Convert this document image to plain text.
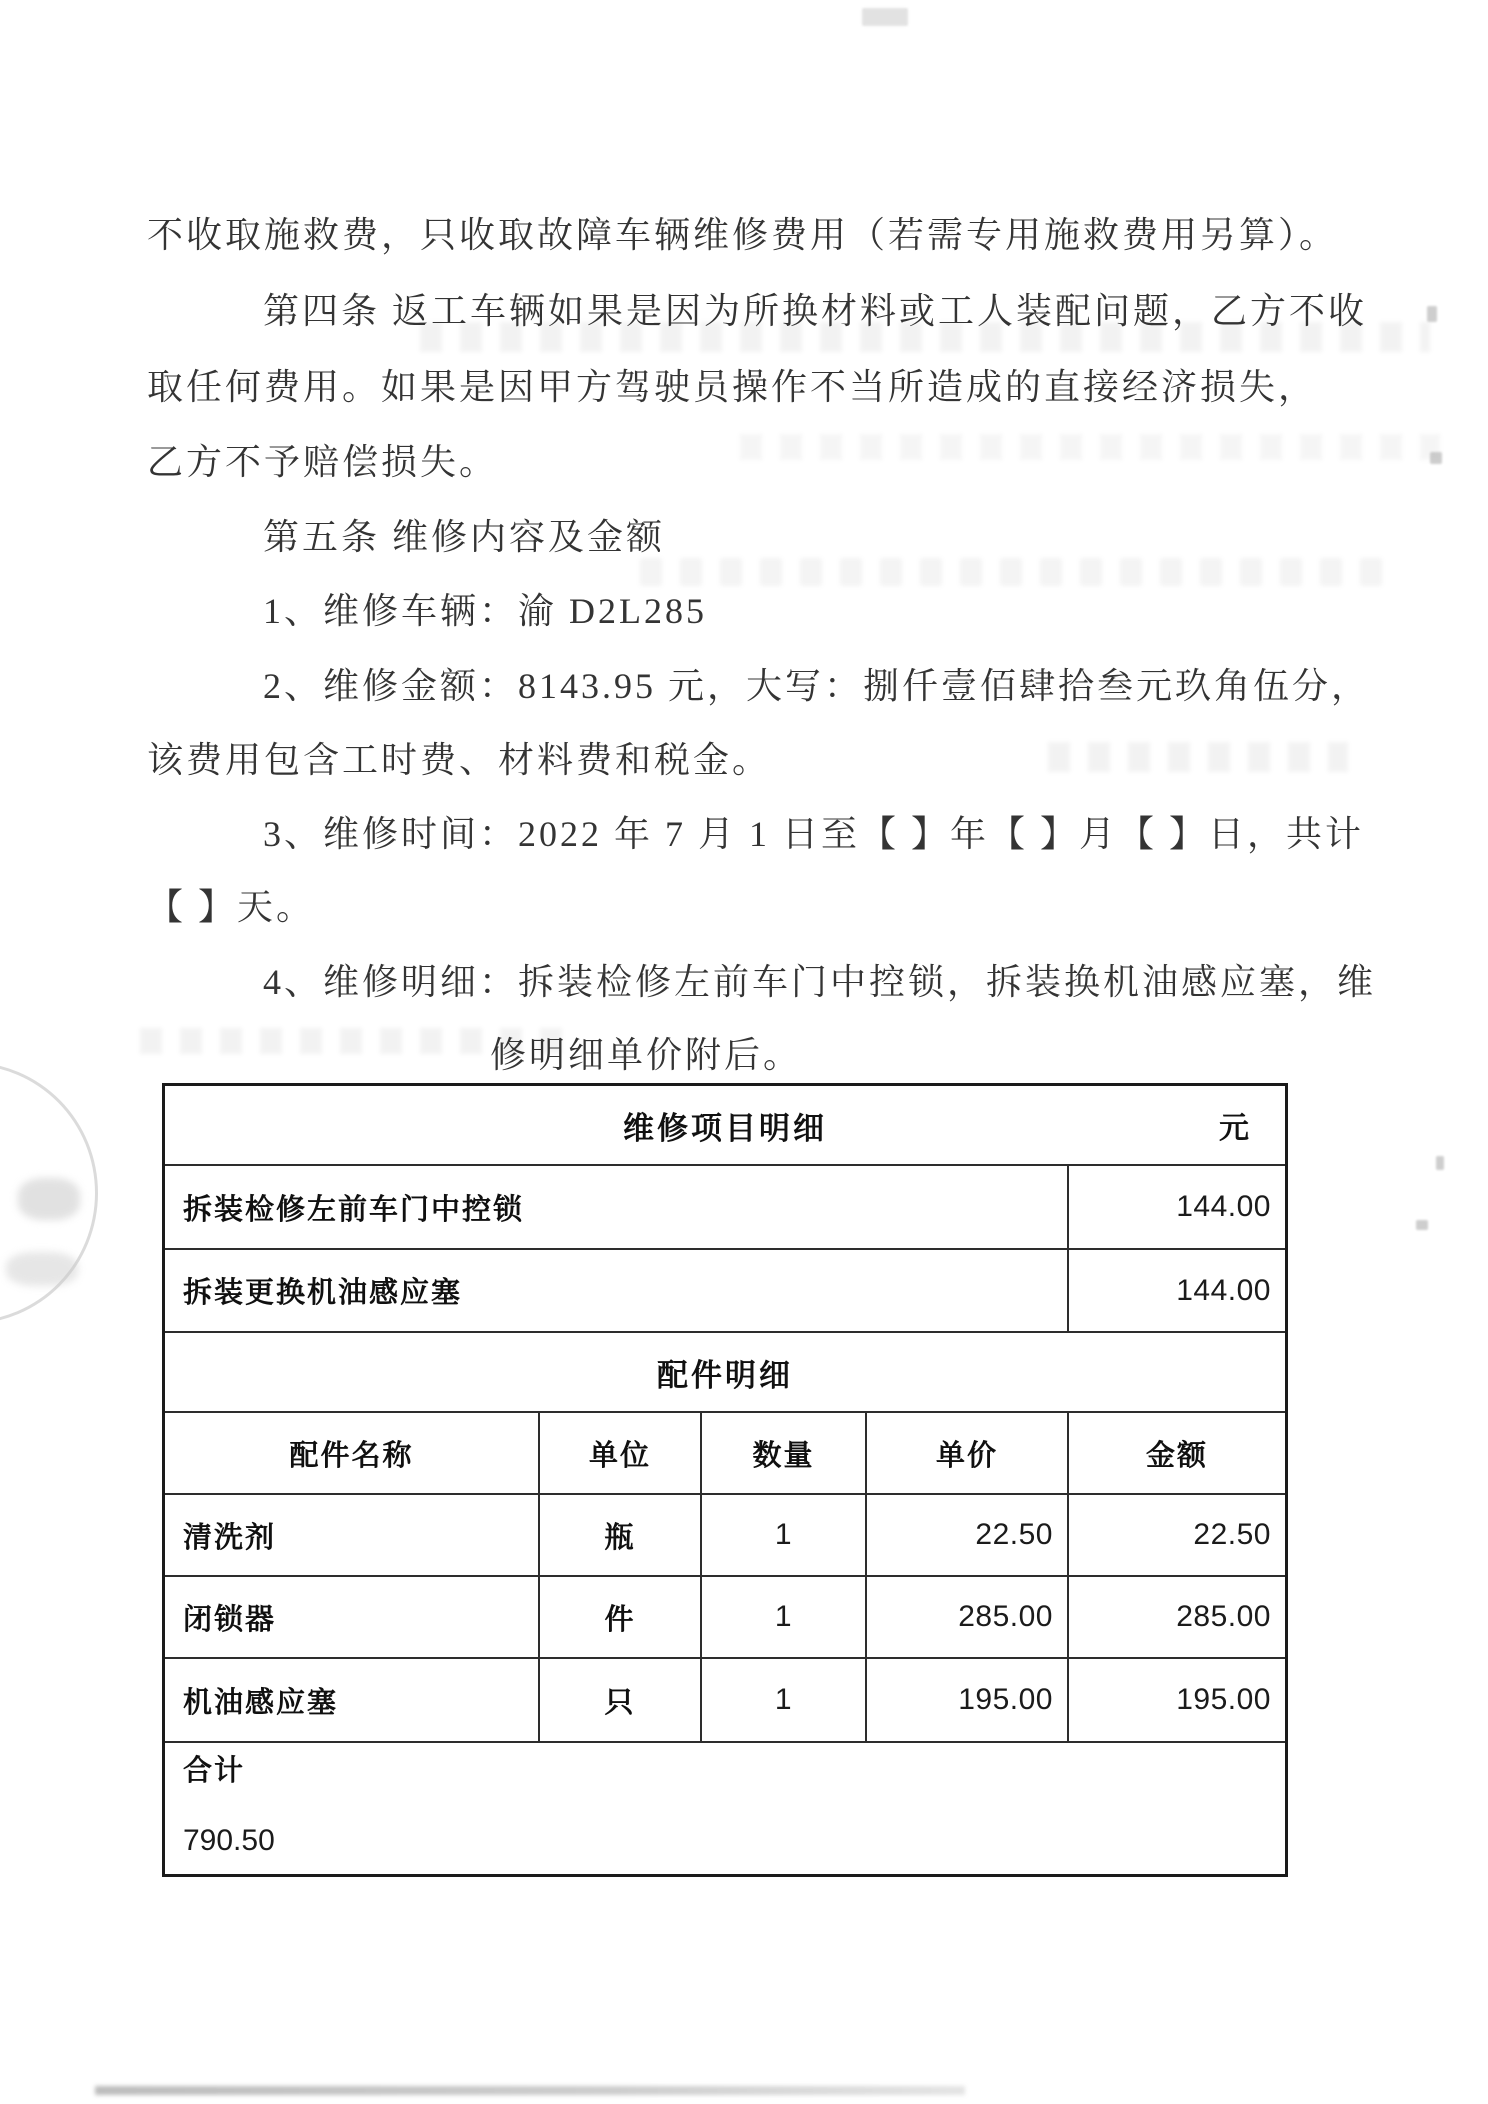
不收取施救费，只收取故障车辆维修费用（若需专用施救费用另算）。
第四条 返工车辆如果是因为所换材料或工人装配问题，乙方不收
取任何费用。如果是因甲方驾驶员操作不当所造成的直接经济损失，
乙方不予赔偿损失。
第五条 维修内容及金额
1、维修车辆：渝 D2L285
2、维修金额：8143.95 元，大写：捌仟壹佰肆拾叁元玖角伍分，
该费用包含工时费、材料费和税金。
3、维修时间：2022 年 7 月 1 日至【 】年【 】月【 】日，共计
【 】天。
4、维修明细：拆装检修左前车门中控锁，拆装换机油感应塞，维
修明细单价附后。
维修项目明细	元
拆装检修左前车门中控锁	144.00
拆装更换机油感应塞	144.00
配件明细
配件名称	单位	数量	单价	金额
清洗剂	瓶	1	22.50	22.50
闭锁器	件	1	285.00	285.00
机油感应塞	只	1	195.00	195.00
合计
790.50
